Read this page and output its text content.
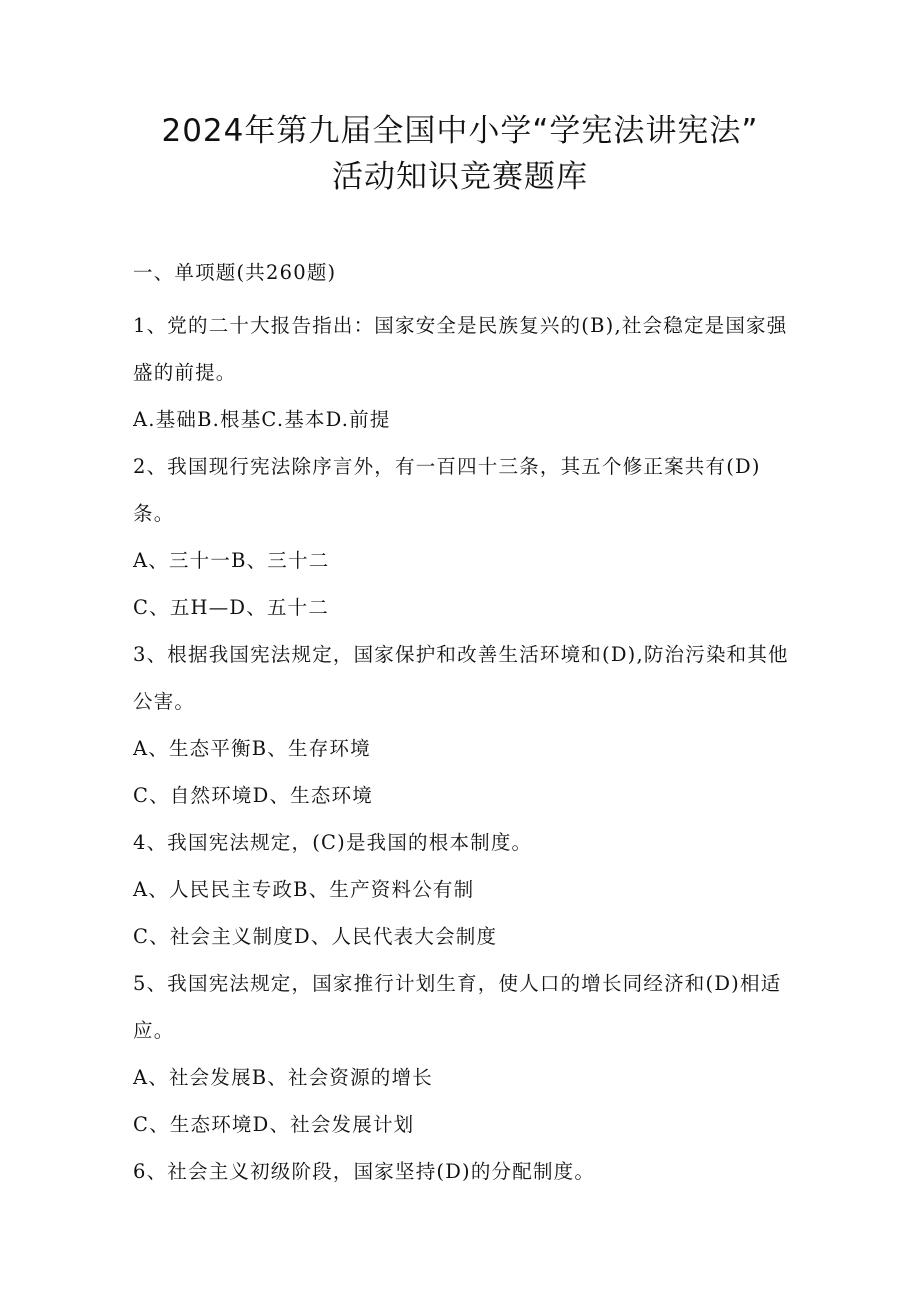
2024年第九届全国中小学“学宪法讲宪法”
活动知识竞赛题库

一、单项题(共260题)

1、党的二十大报告指出：国家安全是民族复兴的(B),社会稳定是国家强盛的前提。

A.基础B.根基C.基本D.前提

2、我国现行宪法除序言外，有一百四十三条，其五个修正案共有(D)条。

A、三十一B、三十二

C、五H—D、五十二

3、根据我国宪法规定，国家保护和改善生活环境和(D),防治污染和其他公害。

A、生态平衡B、生存环境

C、自然环境D、生态环境

4、我国宪法规定，(C)是我国的根本制度。

A、人民民主专政B、生产资料公有制

C、社会主义制度D、人民代表大会制度

5、我国宪法规定，国家推行计划生育，使人口的增长同经济和(D)相适应。

A、社会发展B、社会资源的增长

C、生态环境D、社会发展计划

6、社会主义初级阶段，国家坚持(D)的分配制度。
